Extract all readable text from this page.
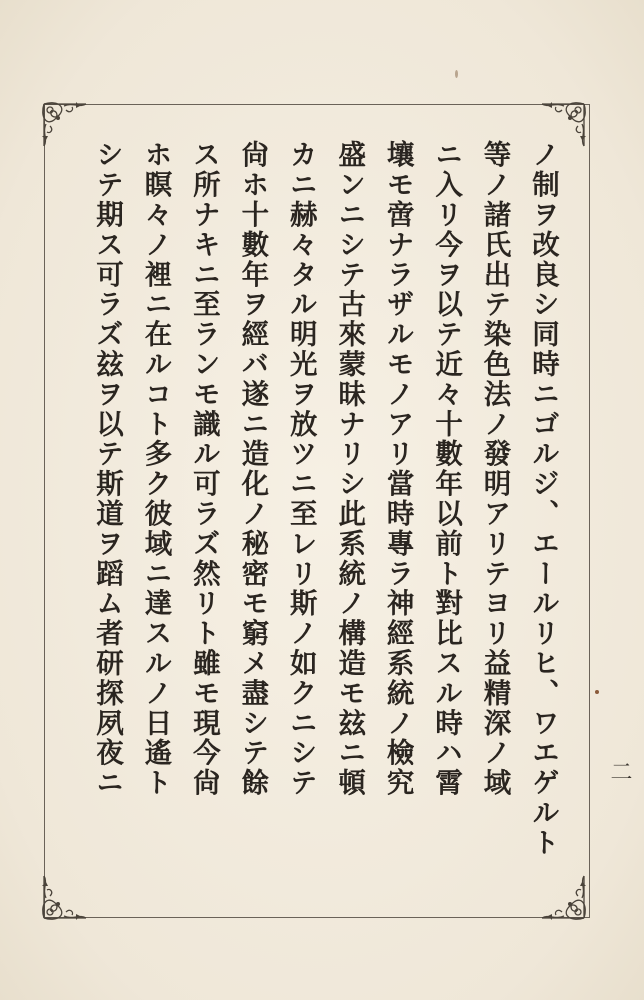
ノ制ヲ改良シ同時ニゴルジ、エールリヒ、ワエゲルト
等ノ諸氏出テ染色法ノ發明アリテヨリ益精深ノ域
ニ入リ今ヲ以テ近々十數年以前ト對比スル時ハ霄
壤モ啻ナラザルモノアリ當時專ラ神經系統ノ檢究
盛ンニシテ古來蒙昧ナリシ此系統ノ構造モ玆ニ頓
カニ赫々タル明光ヲ放ツニ至レリ斯ノ如クニシテ
尙ホ十數年ヲ經バ遂ニ造化ノ秘密モ窮メ盡シテ餘
ス所ナキニ至ランモ識ル可ラズ然リト雖モ現今尙
ホ瞑々ノ裡ニ在ルコト多ク彼域ニ達スルノ日遙ト
シテ期ス可ラズ玆ヲ以テ斯道ヲ蹈ム者研探夙夜ニ	二
